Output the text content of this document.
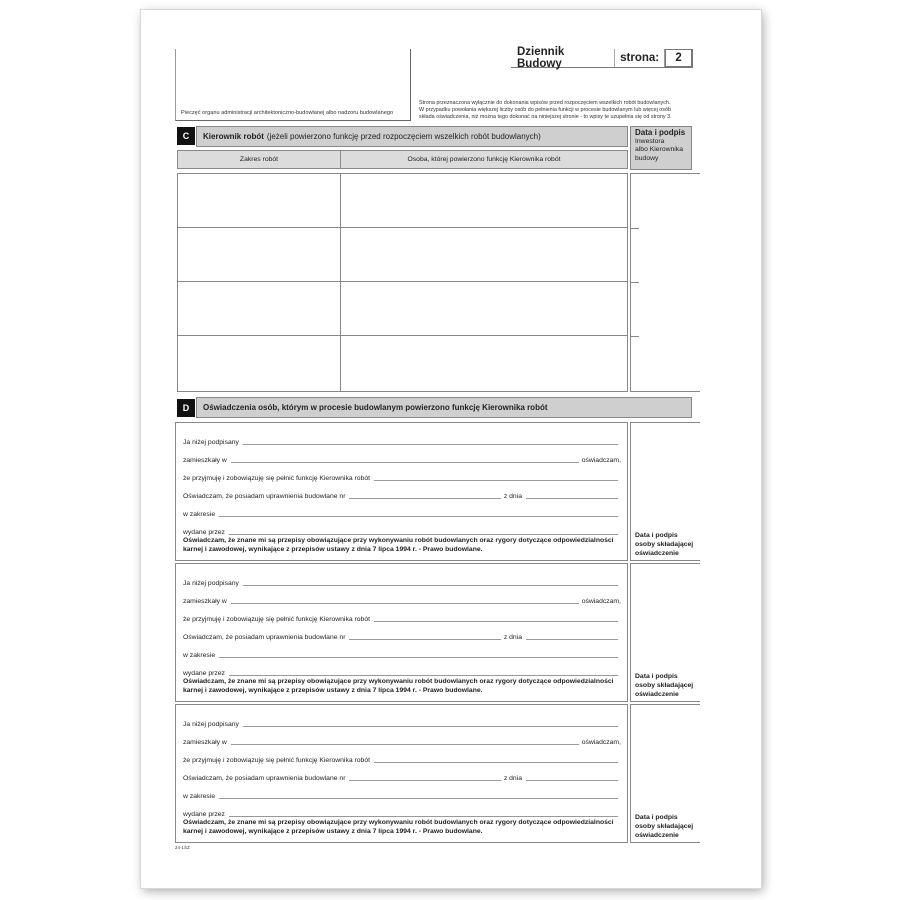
Pieczęć organu administracji architektoniczno-budowlanej albo nadzoru budowlanego
Dziennik Budowy	strona:	2
Strona przeznaczona wyłącznie do dokonania wpisów przed rozpoczęciem wszelkich robót budowlanych.
W przypadku powołania większej liczby osób do pełnienia funkcji w procesie budowlanym lub więcej osób
składa oświadczenia, niż można tego dokonać na niniejszej stronie - to wpisy te uzupełnia się od strony 3.
C	Kierownik robót (jeżeli powierzono funkcję przed rozpoczęciem wszelkich robót budowlanych)	Data i podpis
Inwestora
albo Kierownika
budowy
Zakres robót	Osoba, której powierzono funkcję Kierownika robót
D	Oświadczenia osób, którym w procesie budowlanym powierzono funkcję Kierownika robót
Ja niżej podpisany
zamieszkały w	oświadczam,
że przyjmuję i zobowiązuję się pełnić funkcję Kierownika robót
Oświadczam, że posiadam uprawnienia budowlane nr	z dnia
w zakresie
wydane przez
Oświadczam, że znane mi są przepisy obowiązujące przy wykonywaniu robót budowlanych oraz rygory dotyczące odpowiedzialności
karnej i zawodowej, wynikające z przepisów ustawy z dnia 7 lipca 1994 r. - Prawo budowlane.
Data i podpis
osoby składającej
oświadczenie
Ja niżej podpisany
zamieszkały w	oświadczam,
że przyjmuję i zobowiązuję się pełnić funkcję Kierownika robót
Oświadczam, że posiadam uprawnienia budowlane nr	z dnia
w zakresie
wydane przez
Oświadczam, że znane mi są przepisy obowiązujące przy wykonywaniu robót budowlanych oraz rygory dotyczące odpowiedzialności
karnej i zawodowej, wynikające z przepisów ustawy z dnia 7 lipca 1994 r. - Prawo budowlane.
Data i podpis
osoby składającej
oświadczenie
Ja niżej podpisany
zamieszkały w	oświadczam,
że przyjmuję i zobowiązuję się pełnić funkcję Kierownika robót
Oświadczam, że posiadam uprawnienia budowlane nr	z dnia
w zakresie
wydane przez
Oświadczam, że znane mi są przepisy obowiązujące przy wykonywaniu robót budowlanych oraz rygory dotyczące odpowiedzialności
karnej i zawodowej, wynikające z przepisów ustawy z dnia 7 lipca 1994 r. - Prawo budowlane.
Data i podpis
osoby składającej
oświadczenie
24-1ŚZ
